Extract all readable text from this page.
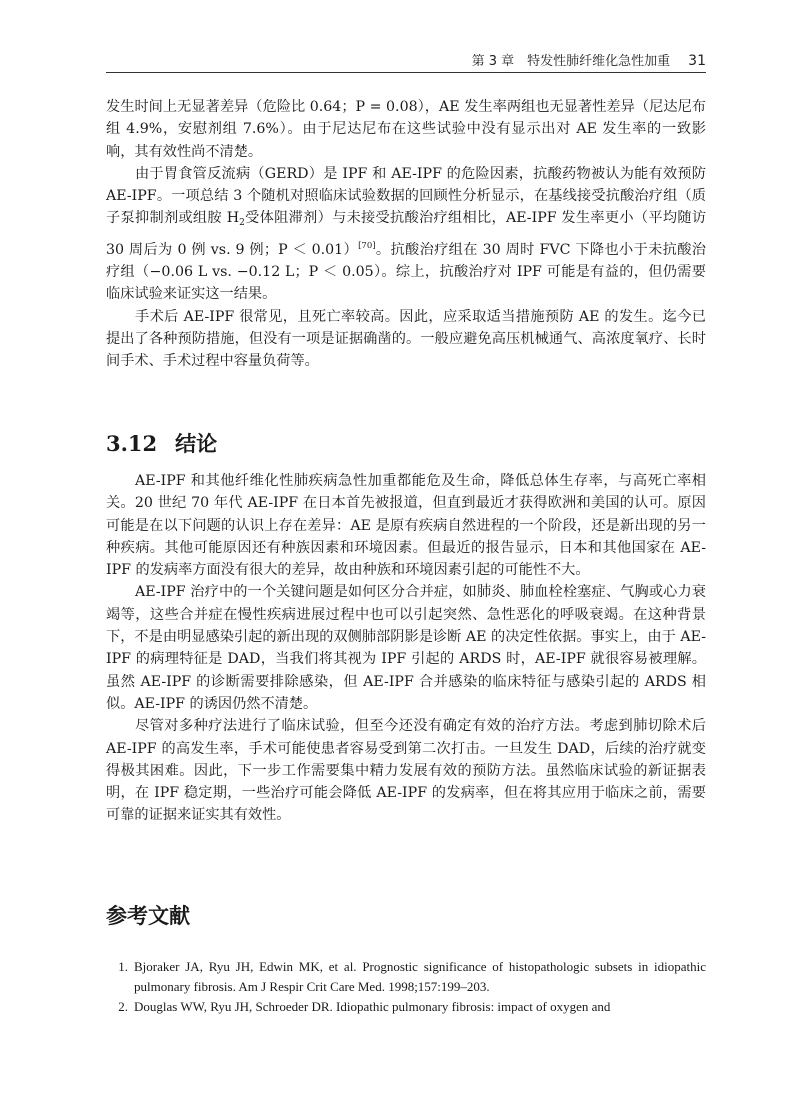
第 3 章　特发性肺纤维化急性加重 31

发生时间上无显著差异（危险比 0.64；P = 0.08），AE 发生率两组也无显著性差异（尼达尼布组 4.9%，安慰剂组 7.6%）。由于尼达尼布在这些试验中没有显示出对 AE 发生率的一致影响，其有效性尚不清楚。

由于胃食管反流病（GERD）是 IPF 和 AE-IPF 的危险因素，抗酸药物被认为能有效预防 AE-IPF。一项总结 3 个随机对照临床试验数据的回顾性分析显示，在基线接受抗酸治疗组（质子泵抑制剂或组胺 $H_2$受体阻滞剂）与未接受抗酸治疗组相比，AE-IPF 发生率更小（平均随访 30 周后为 0 例 vs. 9 例；P ＜ 0.01）[70]。抗酸治疗组在 30 周时 FVC 下降也小于未抗酸治疗组（−0.06 L vs. −0.12 L；P ＜ 0.05）。综上，抗酸治疗对 IPF 可能是有益的，但仍需要临床试验来证实这一结果。

手术后 AE-IPF 很常见，且死亡率较高。因此，应采取适当措施预防 AE 的发生。迄今已提出了各种预防措施，但没有一项是证据确凿的。一般应避免高压机械通气、高浓度氧疗、长时间手术、手术过程中容量负荷等。

3.12 结论

AE-IPF 和其他纤维化性肺疾病急性加重都能危及生命，降低总体生存率，与高死亡率相关。20 世纪 70 年代 AE-IPF 在日本首先被报道，但直到最近才获得欧洲和美国的认可。原因可能是在以下问题的认识上存在差异：AE 是原有疾病自然进程的一个阶段，还是新出现的另一种疾病。其他可能原因还有种族因素和环境因素。但最近的报告显示，日本和其他国家在 AE-IPF 的发病率方面没有很大的差异，故由种族和环境因素引起的可能性不大。

AE-IPF 治疗中的一个关键问题是如何区分合并症，如肺炎、肺血栓栓塞症、气胸或心力衰竭等，这些合并症在慢性疾病进展过程中也可以引起突然、急性恶化的呼吸衰竭。在这种背景下，不是由明显感染引起的新出现的双侧肺部阴影是诊断 AE 的决定性依据。事实上，由于 AE-IPF 的病理特征是 DAD，当我们将其视为 IPF 引起的 ARDS 时，AE-IPF 就很容易被理解。虽然 AE-IPF 的诊断需要排除感染，但 AE-IPF 合并感染的临床特征与感染引起的 ARDS 相似。AE-IPF 的诱因仍然不清楚。

尽管对多种疗法进行了临床试验，但至今还没有确定有效的治疗方法。考虑到肺切除术后 AE-IPF 的高发生率，手术可能使患者容易受到第二次打击。一旦发生 DAD，后续的治疗就变得极其困难。因此，下一步工作需要集中精力发展有效的预防方法。虽然临床试验的新证据表明，在 IPF 稳定期，一些治疗可能会降低 AE-IPF 的发病率，但在将其应用于临床之前，需要可靠的证据来证实其有效性。

参考文献
1. Bjoraker JA, Ryu JH, Edwin MK, et al. Prognostic significance of histopathologic subsets in idiopathic pulmonary fibrosis. Am J Respir Crit Care Med. 1998;157:199–203.
2. Douglas WW, Ryu JH, Schroeder DR. Idiopathic pulmonary fibrosis: impact of oxygen and
